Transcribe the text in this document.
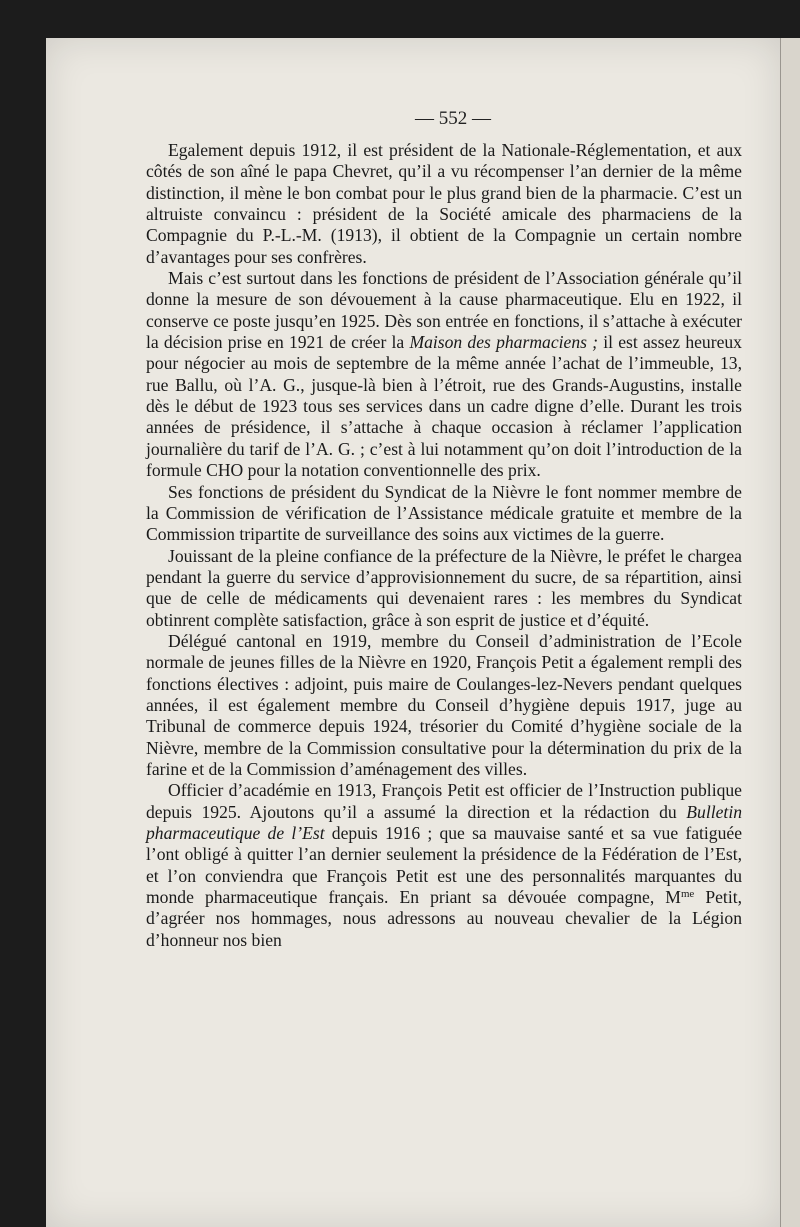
— 552 —

Egalement depuis 1912, il est président de la Nationale-Réglementation, et aux côtés de son aîné le papa Chevret, qu’il a vu récompenser l’an dernier de la même distinction, il mène le bon combat pour le plus grand bien de la pharmacie. C’est un altruiste convaincu : président de la Société amicale des pharmaciens de la Compagnie du P.-L.-M. (1913), il obtient de la Compagnie un certain nombre d’avantages pour ses confrères.

Mais c’est surtout dans les fonctions de président de l’Association générale qu’il donne la mesure de son dévouement à la cause pharmaceutique. Elu en 1922, il conserve ce poste jusqu’en 1925. Dès son entrée en fonctions, il s’attache à exécuter la décision prise en 1921 de créer la Maison des pharmaciens ; il est assez heureux pour négocier au mois de septembre de la même année l’achat de l’immeuble, 13, rue Ballu, où l’A. G., jusque-là bien à l’étroit, rue des Grands-Augustins, installe dès le début de 1923 tous ses services dans un cadre digne d’elle. Durant les trois années de présidence, il s’attache à chaque occasion à réclamer l’application journalière du tarif de l’A. G. ; c’est à lui notamment qu’on doit l’introduction de la formule CHO pour la notation conventionnelle des prix.

Ses fonctions de président du Syndicat de la Nièvre le font nommer membre de la Commission de vérification de l’Assistance médicale gratuite et membre de la Commission tripartite de surveillance des soins aux victimes de la guerre.

Jouissant de la pleine confiance de la préfecture de la Nièvre, le préfet le chargea pendant la guerre du service d’approvisionnement du sucre, de sa répartition, ainsi que de celle de médicaments qui devenaient rares : les membres du Syndicat obtinrent complète satisfaction, grâce à son esprit de justice et d’équité.

Délégué cantonal en 1919, membre du Conseil d’administration de l’Ecole normale de jeunes filles de la Nièvre en 1920, François Petit a également rempli des fonctions électives : adjoint, puis maire de Coulanges-lez-Nevers pendant quelques années, il est également membre du Conseil d’hygiène depuis 1917, juge au Tribunal de commerce depuis 1924, trésorier du Comité d’hygiène sociale de la Nièvre, membre de la Commission consultative pour la détermination du prix de la farine et de la Commission d’aménagement des villes.

Officier d’académie en 1913, François Petit est officier de l’Instruction publique depuis 1925. Ajoutons qu’il a assumé la direction et la rédaction du Bulletin pharmaceutique de l’Est depuis 1916 ; que sa mauvaise santé et sa vue fatiguée l’ont obligé à quitter l’an dernier seulement la présidence de la Fédération de l’Est, et l’on conviendra que François Petit est une des personnalités marquantes du monde pharmaceutique français. En priant sa dévouée compagne, $M^{me}$ Petit, d’agréer nos hommages, nous adressons au nouveau chevalier de la Légion d’honneur nos bien
